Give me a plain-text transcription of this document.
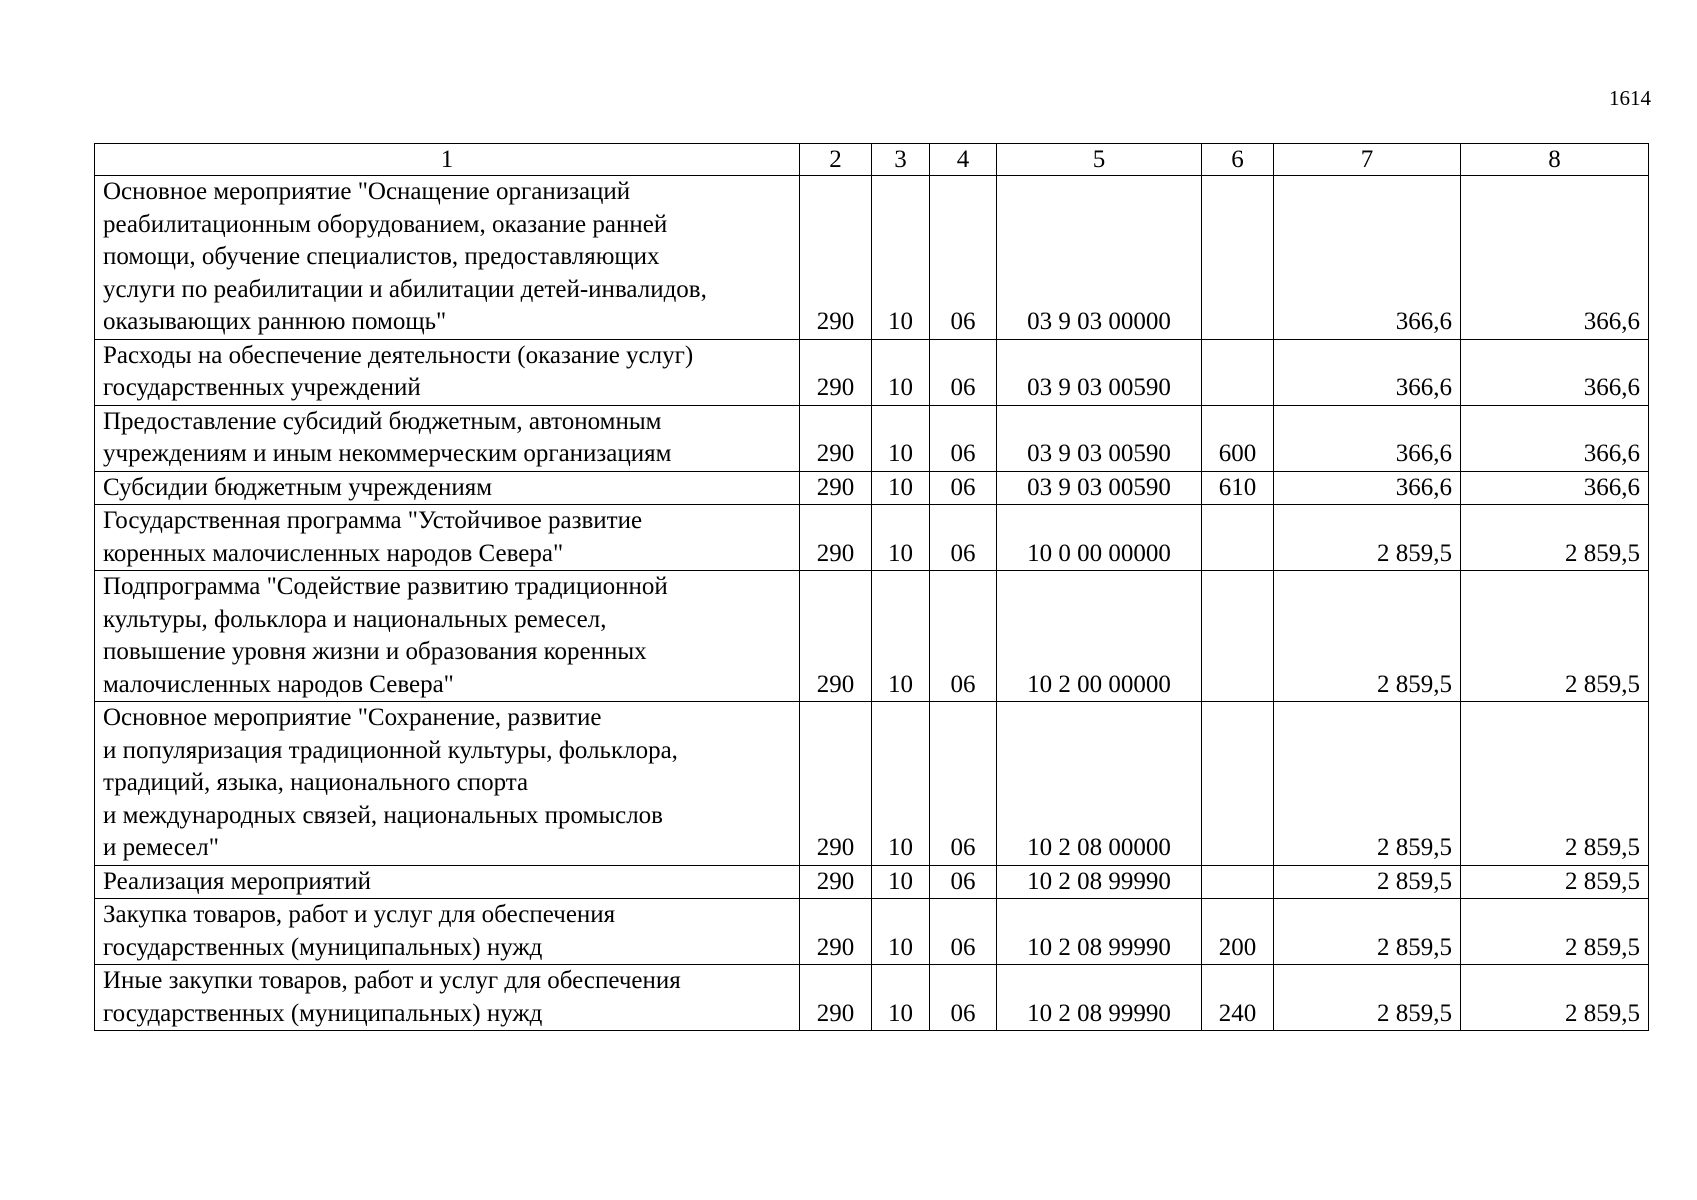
1614
1	2	3	4	5	6	7	8
Основное мероприятие "Оснащение организаций
реабилитационным оборудованием, оказание ранней
помощи, обучение специалистов, предоставляющих
услуги по реабилитации и абилитации детей-инвалидов,
оказывающих раннюю помощь"	290	10	06	03 9 03 00000		366,6	366,6
Расходы на обеспечение деятельности (оказание услуг)
государственных учреждений	290	10	06	03 9 03 00590		366,6	366,6
Предоставление субсидий бюджетным, автономным
учреждениям и иным некоммерческим организациям	290	10	06	03 9 03 00590	600	366,6	366,6
Субсидии бюджетным учреждениям	290	10	06	03 9 03 00590	610	366,6	366,6
Государственная программа "Устойчивое развитие
коренных малочисленных народов Севера"	290	10	06	10 0 00 00000		2 859,5	2 859,5
Подпрограмма "Содействие развитию традиционной
культуры, фольклора и национальных ремесел,
повышение уровня жизни и образования коренных
малочисленных народов Севера"	290	10	06	10 2 00 00000		2 859,5	2 859,5
Основное мероприятие "Сохранение, развитие
и популяризация традиционной культуры, фольклора,
традиций, языка, национального спорта
и международных связей, национальных промыслов
и ремесел"	290	10	06	10 2 08 00000		2 859,5	2 859,5
Реализация мероприятий	290	10	06	10 2 08 99990		2 859,5	2 859,5
Закупка товаров, работ и услуг для обеспечения
государственных (муниципальных) нужд	290	10	06	10 2 08 99990	200	2 859,5	2 859,5
Иные закупки товаров, работ и услуг для обеспечения
государственных (муниципальных) нужд	290	10	06	10 2 08 99990	240	2 859,5	2 859,5
